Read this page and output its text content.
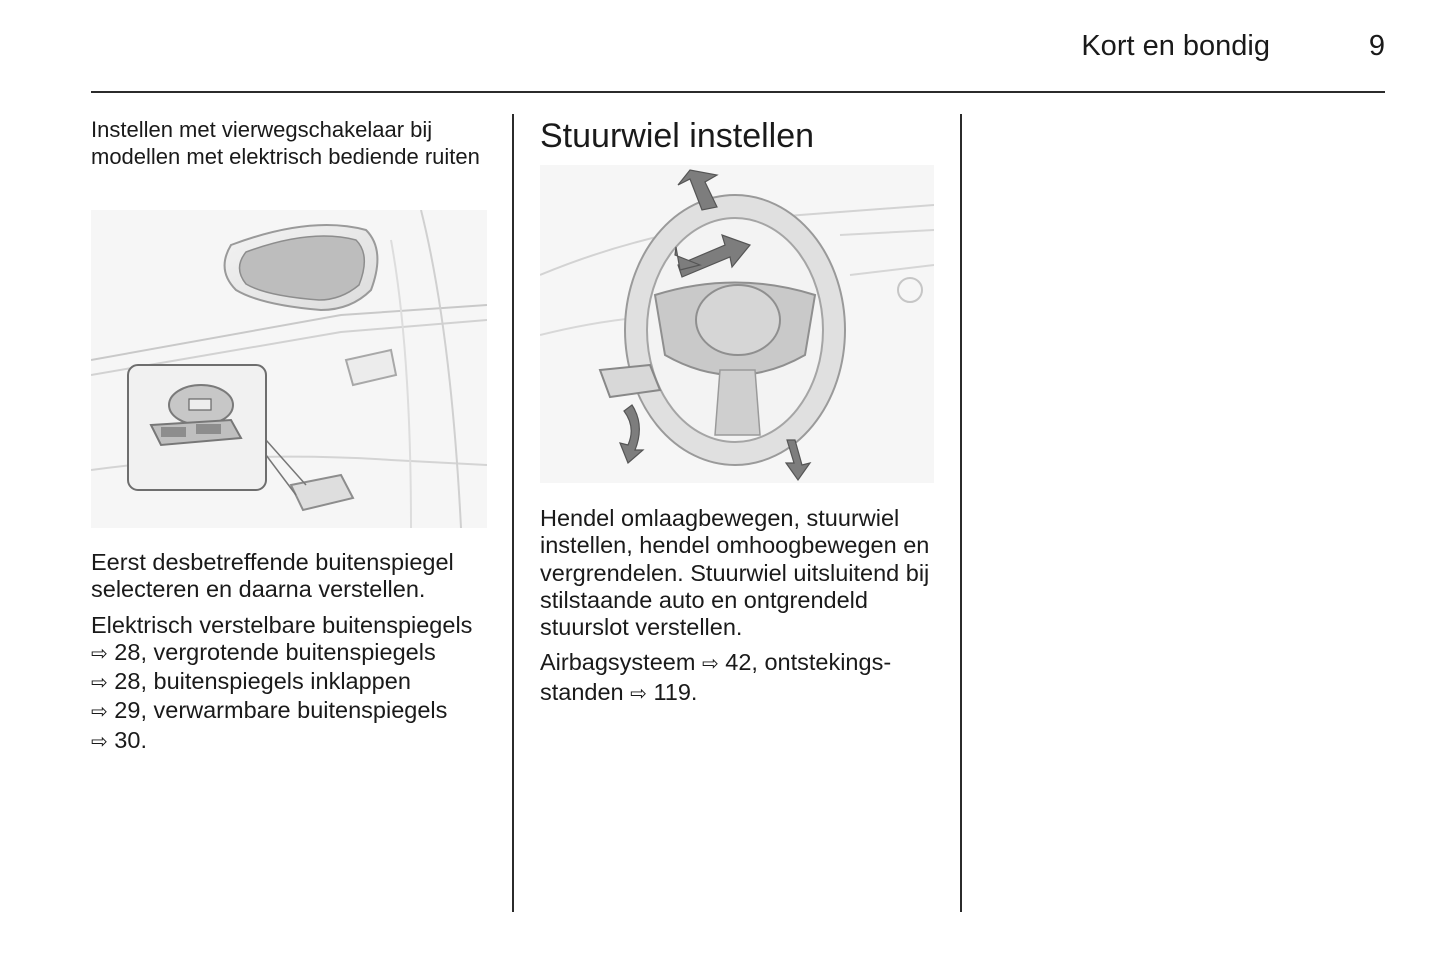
Kort en bondig	9

Instellen met vierwegschakelaar bij modellen met elektrisch bediende ruiten

Eerst desbetreffende buitenspiegel selecteren en daarna verstellen.

Elektrisch verstelbare buitenspiegels
⇨ 28, vergrotende buitenspiegels
⇨ 28, buitenspiegels inklappen
⇨ 29, verwarmbare buitenspiegels
⇨ 30.

Stuurwiel instellen

Hendel omlaagbewegen, stuurwiel instellen, hendel omhoogbewegen en vergrendelen. Stuurwiel uitsluitend bij stilstaande auto en ontgrendeld stuurslot verstellen.

Airbagsysteem ⇨ 42, ontstekings-
standen ⇨ 119.
